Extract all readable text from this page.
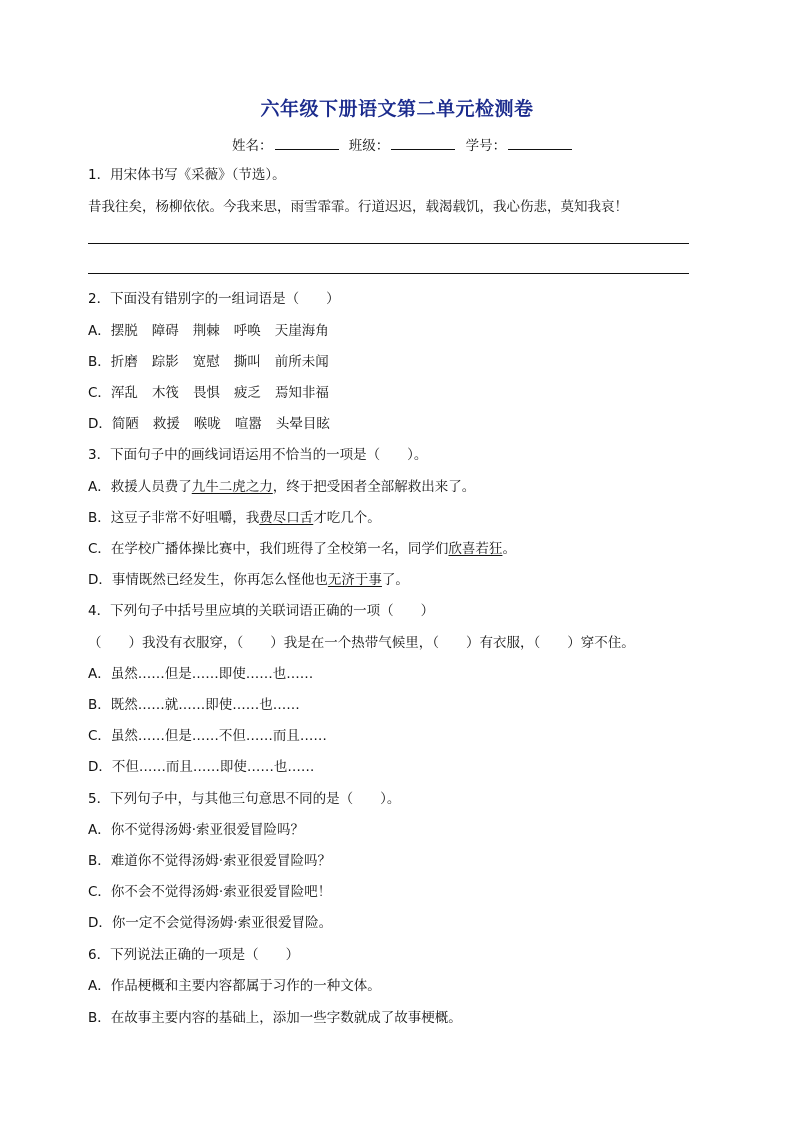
六年级下册语文第二单元检测卷
姓名：	班级：	学号：
1．用宋体书写《采薇》（节选）。
昔我往矣，杨柳依依。今我来思，雨雪霏霏。行道迟迟，载渴载饥，我心伤悲，莫知我哀！
2．下面没有错别字的一组词语是（　　）
A．摆脱 障碍 荆棘 呼唤 天崖海角
B．折磨 踪影 宽慰 撕叫 前所未闻
C．浑乱 木筏 畏惧 疲乏 焉知非福
D．简陋 救援 喉咙 喧嚣 头晕目眩
3．下面句子中的画线词语运用不恰当的一项是（　　）。
A．救援人员费了九牛二虎之力，终于把受困者全部解救出来了。
B．这豆子非常不好咀嚼，我费尽口舌才吃几个。
C．在学校广播体操比赛中，我们班得了全校第一名，同学们欣喜若狂。
D．事情既然已经发生，你再怎么怪他也无济于事了。
4．下列句子中括号里应填的关联词语正确的一项（　　）
（　　）我没有衣服穿，（　　）我是在一个热带气候里，（　　）有衣服，（　　）穿不住。
A．虽然……但是……即使……也……
B．既然……就……即使……也……
C．虽然……但是……不但……而且……
D．不但……而且……即使……也……
5．下列句子中，与其他三句意思不同的是（　　）。
A．你不觉得汤姆·索亚很爱冒险吗？
B．难道你不觉得汤姆·索亚很爱冒险吗？
C．你不会不觉得汤姆·索亚很爱冒险吧！
D．你一定不会觉得汤姆·索亚很爱冒险。
6．下列说法正确的一项是（　　）
A．作品梗概和主要内容都属于习作的一种文体。
B．在故事主要内容的基础上，添加一些字数就成了故事梗概。
